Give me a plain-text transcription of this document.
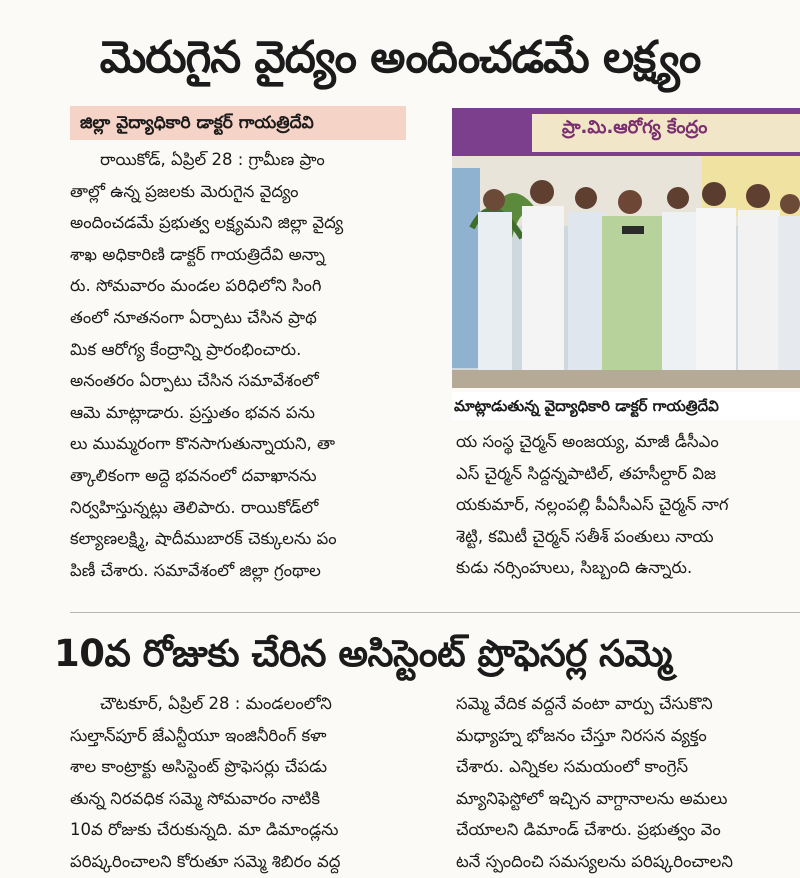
మెరుగైన వైద్యం అందించడమే లక్ష్యం
జిల్లా వైద్యాధికారి డాక్టర్ గాయత్రిదేవి
రాయికోడ్, ఏప్రిల్ 28 : గ్రామీణ ప్రాం
తాల్లో ఉన్న ప్రజలకు మెరుగైన వైద్యం
అందించడమే ప్రభుత్వ లక్ష్యమని జిల్లా వైద్య
శాఖ అధికారిణి డాక్టర్ గాయత్రిదేవి అన్నా
రు. సోమవారం మండల పరిధిలోని సింగి
తంలో నూతనంగా ఏర్పాటు చేసిన ప్రాథ
మిక ఆరోగ్య కేంద్రాన్ని ప్రారంభించారు.
అనంతరం ఏర్పాటు చేసిన సమావేశంలో
ఆమె మాట్లాడారు. ప్రస్తుతం భవన పను
లు ముమ్మరంగా కొనసాగుతున్నాయని, తా
త్కాలికంగా అద్దె భవనంలో దవాఖానను
నిర్వహిస్తున్నట్లు తెలిపారు. రాయికోడ్‌లో
కల్యాణలక్ష్మి, షాదీముబారక్ చెక్కులను పం
పిణీ చేశారు. సమావేశంలో జిల్లా గ్రంథాల
ప్రా.మి.ఆరోగ్య కేంద్రం
మాట్లాడుతున్న వైద్యాధికారి డాక్టర్ గాయత్రిదేవి
య సంస్థ చైర్మన్ అంజయ్య, మాజీ డీసీఎం
ఎస్ చైర్మన్ సిద్దన్నపాటిల్, తహసీల్దార్ విజ
యకుమార్, నల్లంపల్లి పీఏసీఎస్ చైర్మన్ నాగ
శెట్టి, కమిటీ చైర్మన్ సతీశ్ పంతులు నాయ
కుడు నర్సింహులు, సిబ్బంది ఉన్నారు.
10వ రోజుకు చేరిన అసిస్టెంట్ ప్రొఫెసర్ల సమ్మె
చౌటకూర్, ఏప్రిల్ 28 : మండలంలోని
సుల్తాన్‌పూర్ జేఎన్టీయూ ఇంజినీరింగ్ కళా
శాల కాంట్రాక్టు అసిస్టెంట్ ప్రొఫెసర్లు చేపడు
తున్న నిరవధిక సమ్మె సోమవారం నాటికి
10వ రోజుకు చేరుకున్నది. మా డిమాండ్లను
పరిష్కరించాలని కోరుతూ సమ్మె శిబిరం వద్ద
సమ్మె వేదిక వద్దనే వంటా వార్పు చేసుకొని
మధ్యాహ్న భోజనం చేస్తూ నిరసన వ్యక్తం
చేశారు. ఎన్నికల సమయంలో కాంగ్రెస్
మ్యానిఫెస్టోలో ఇచ్చిన వాగ్దానాలను అమలు
చేయాలని డిమాండ్ చేశారు. ప్రభుత్వం వెం
టనే స్పందించి సమస్యలను పరిష్కరించాలని
